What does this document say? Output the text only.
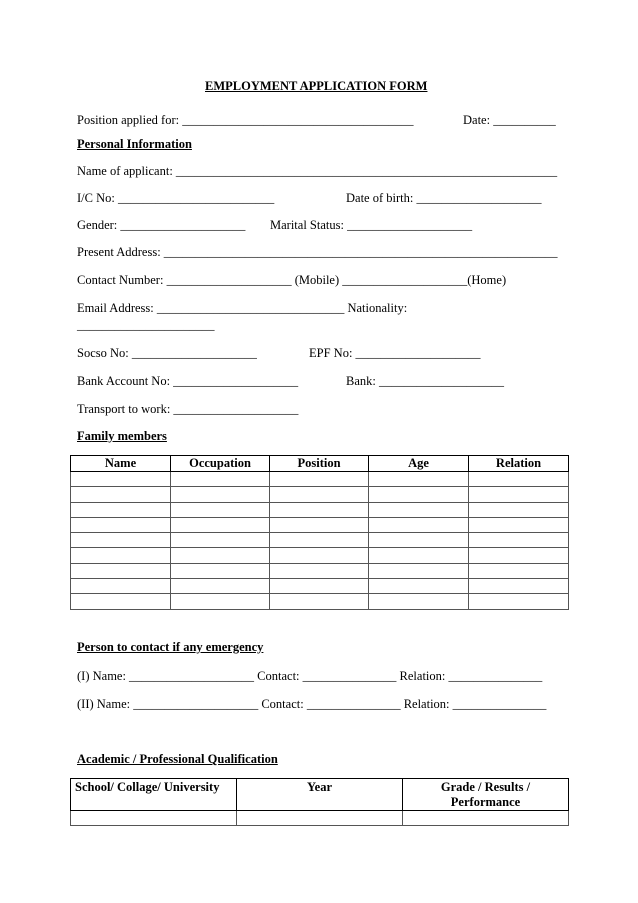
EMPLOYMENT APPLICATION FORM
Position applied for: _____________________________________	Date: __________
Personal Information
Name of applicant: _____________________________________________________________
I/C No: _________________________	Date of birth: ____________________
Gender: ____________________ Marital Status: ____________________
Present Address: _______________________________________________________________
Contact Number: ____________________ (Mobile) ____________________(Home)
Email Address: ______________________________ Nationality:
______________________
Socso No: ____________________	EPF No: ____________________
Bank Account No: ____________________	Bank: ____________________
Transport to work: ____________________
Family members
Name	Occupation	Position	Age	Relation

Person to contact if any emergency
(I) Name: ____________________ Contact: _______________ Relation: _______________
(II) Name: ____________________ Contact: _______________ Relation: _______________
Academic / Professional Qualification
School/ Collage/ University	Year	Grade / Results / Performance
